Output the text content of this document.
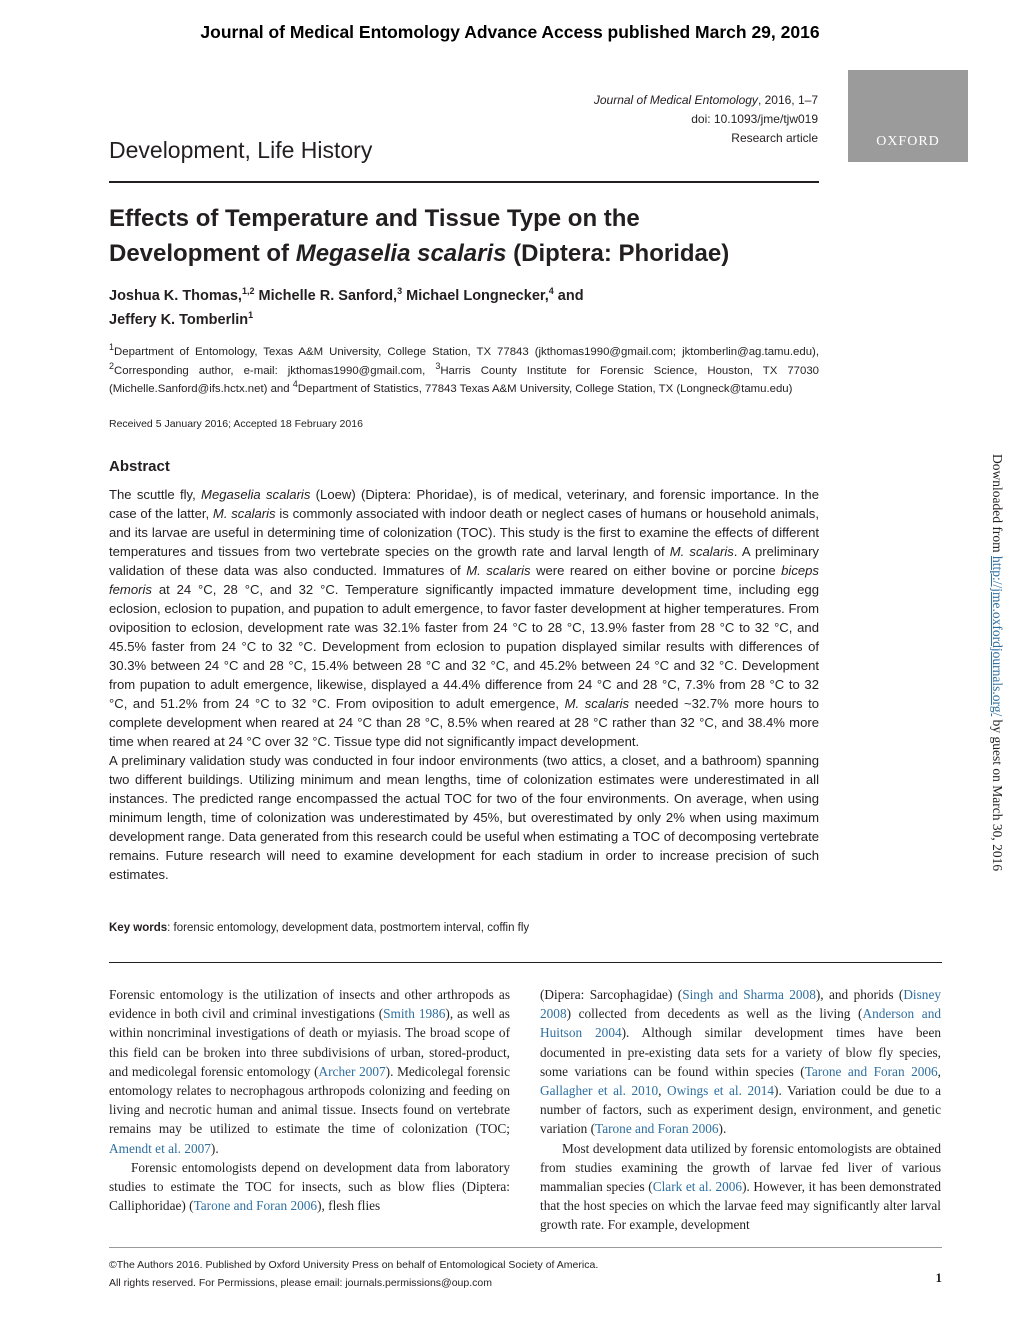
Journal of Medical Entomology Advance Access published March 29, 2016
Journal of Medical Entomology, 2016, 1–7
doi: 10.1093/jme/tjw019
Research article	OXFORD
Development, Life History
Effects of Temperature and Tissue Type on the
Development of Megaselia scalaris (Diptera: Phoridae)
Joshua K. Thomas,$^{1,2}$ Michelle R. Sanford,$^3$ Michael Longnecker,$^4$ and
Jeffery K. Tomberlin$^1$
$^1$Department of Entomology, Texas A&M University, College Station, TX 77843 (jkthomas1990@gmail.com; jktomberlin@ag.tamu.edu), $^2$Corresponding author, e-mail: jkthomas1990@gmail.com, $^3$Harris County Institute for Forensic Science, Houston, TX 77030 (Michelle.Sanford@ifs.hctx.net) and $^4$Department of Statistics, 77843 Texas A&M University, College Station, TX (Longneck@tamu.edu)
Received 5 January 2016; Accepted 18 February 2016
Abstract

The scuttle fly, Megaselia scalaris (Loew) (Diptera: Phoridae), is of medical, veterinary, and forensic importance. In the case of the latter, M. scalaris is commonly associated with indoor death or neglect cases of humans or household animals, and its larvae are useful in determining time of colonization (TOC). This study is the first to examine the effects of different temperatures and tissues from two vertebrate species on the growth rate and larval length of M. scalaris. A preliminary validation of these data was also conducted. Immatures of M. scalaris were reared on either bovine or porcine biceps femoris at 24 °C, 28 °C, and 32 °C. Temperature significantly impacted immature development time, including egg eclosion, eclosion to pupation, and pupation to adult emergence, to favor faster development at higher temperatures. From oviposition to eclosion, development rate was 32.1% faster from 24 °C to 28 °C, 13.9% faster from 28 °C to 32 °C, and 45.5% faster from 24 °C to 32 °C. Development from eclosion to pupation displayed similar results with differences of 30.3% between 24 °C and 28 °C, 15.4% between 28 °C and 32 °C, and 45.2% between 24 °C and 32 °C. Development from pupation to adult emergence, likewise, displayed a 44.4% difference from 24 °C and 28 °C, 7.3% from 28 °C to 32 °C, and 51.2% from 24 °C to 32 °C. From oviposition to adult emergence, M. scalaris needed ~32.7% more hours to complete development when reared at 24 °C than 28 °C, 8.5% when reared at 28 °C rather than 32 °C, and 38.4% more time when reared at 24 °C over 32 °C. Tissue type did not significantly impact development.

A preliminary validation study was conducted in four indoor environments (two attics, a closet, and a bathroom) spanning two different buildings. Utilizing minimum and mean lengths, time of colonization estimates were underestimated in all instances. The predicted range encompassed the actual TOC for two of the four environments. On average, when using minimum length, time of colonization was underestimated by 45%, but overestimated by only 2% when using maximum development range. Data generated from this research could be useful when estimating a TOC of decomposing vertebrate remains. Future research will need to examine development for each stadium in order to increase precision of such estimates.

Key words: forensic entomology, development data, postmortem interval, coffin fly

Forensic entomology is the utilization of insects and other arthropods as evidence in both civil and criminal investigations (Smith 1986), as well as within noncriminal investigations of death or myiasis. The broad scope of this field can be broken into three subdivisions of urban, stored-product, and medicolegal forensic entomology (Archer 2007). Medicolegal forensic entomology relates to necrophagous arthropods colonizing and feeding on living and necrotic human and animal tissue. Insects found on vertebrate remains may be utilized to estimate the time of colonization (TOC; Amendt et al. 2007).

Forensic entomologists depend on development data from laboratory studies to estimate the TOC for insects, such as blow flies (Diptera: Calliphoridae) (Tarone and Foran 2006), flesh flies

(Dipera: Sarcophagidae) (Singh and Sharma 2008), and phorids (Disney 2008) collected from decedents as well as the living (Anderson and Huitson 2004). Although similar development times have been documented in pre-existing data sets for a variety of blow fly species, some variations can be found within species (Tarone and Foran 2006, Gallagher et al. 2010, Owings et al. 2014). Variation could be due to a number of factors, such as experiment design, environment, and genetic variation (Tarone and Foran 2006).

Most development data utilized by forensic entomologists are obtained from studies examining the growth of larvae fed liver of various mammalian species (Clark et al. 2006). However, it has been demonstrated that the host species on which the larvae feed may significantly alter larval growth rate. For example, development

Downloaded from http://jme.oxfordjournals.org/ by guest on March 30, 2016
©The Authors 2016. Published by Oxford University Press on behalf of Entomological Society of America.
All rights reserved. For Permissions, please email: journals.permissions@oup.com	1
